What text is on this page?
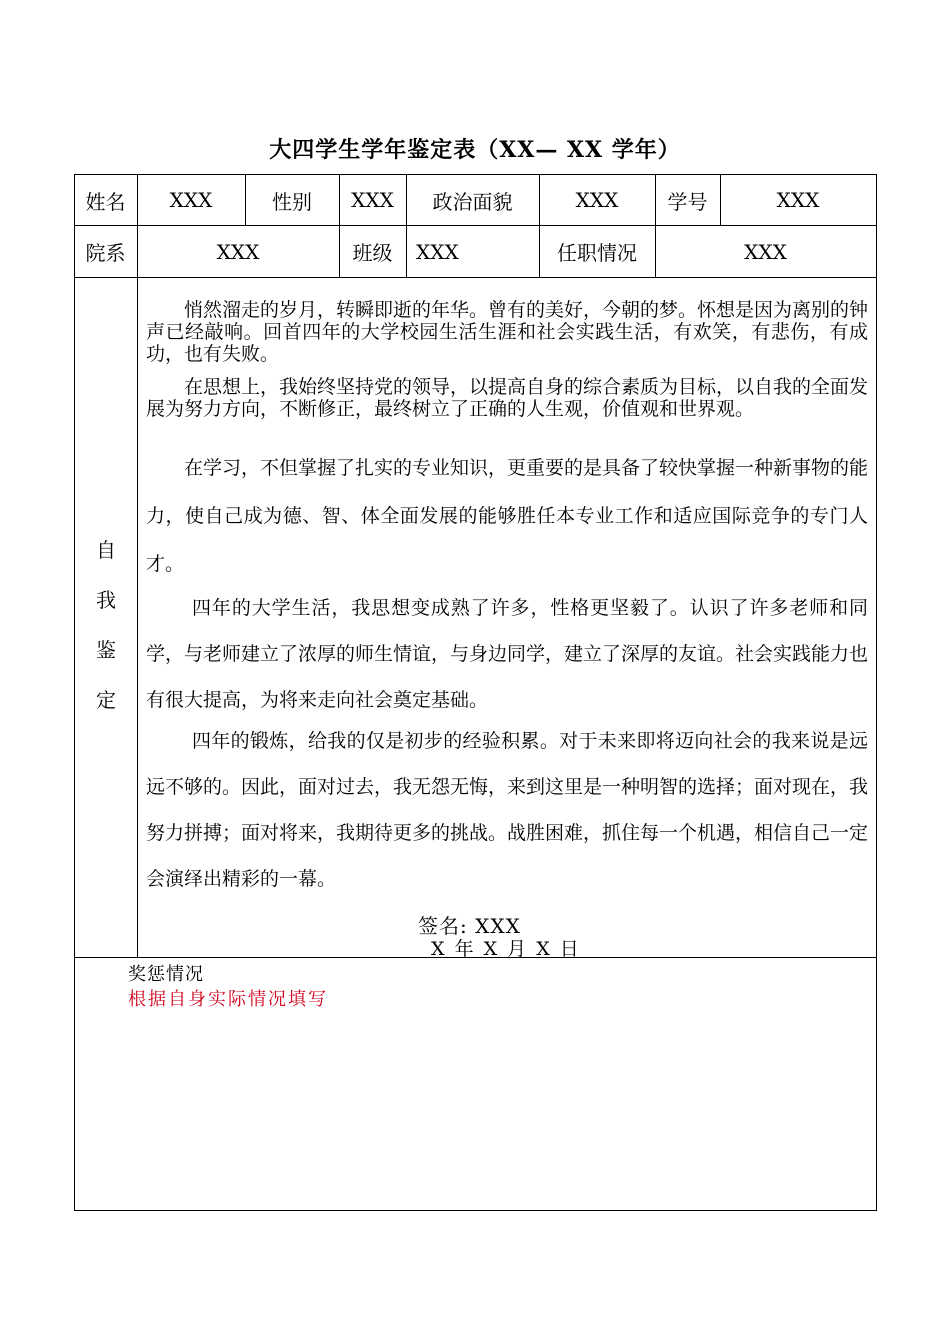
大四学生学年鉴定表（XX— XX 学年）
姓名	XXX	性别	XXX	政治面貌	XXX	学号	XXX
院系	XXX	班级	XXX	任职情况	XXX
自
我
鉴
定
悄然溜走的岁月，转瞬即逝的年华。曾有的美好，今朝的梦。怀想是因为离别的钟声已经敲响。回首四年的大学校园生活生涯和社会实践生活，有欢笑，有悲伤，有成功，也有失败。
在思想上，我始终坚持党的领导，以提高自身的综合素质为目标，以自我的全面发展为努力方向，不断修正，最终树立了正确的人生观，价值观和世界观。
在学习，不但掌握了扎实的专业知识，更重要的是具备了较快掌握一种新事物的能力，使自己成为德、智、体全面发展的能够胜任本专业工作和适应国际竞争的专门人才。
四年的大学生活，我思想变成熟了许多，性格更坚毅了。认识了许多老师和同学，与老师建立了浓厚的师生情谊，与身边同学，建立了深厚的友谊。社会实践能力也有很大提高，为将来走向社会奠定基础。
四年的锻炼，给我的仅是初步的经验积累。对于未来即将迈向社会的我来说是远远不够的。因此，面对过去，我无怨无悔，来到这里是一种明智的选择；面对现在，我努力拼搏；面对将来，我期待更多的挑战。战胜困难，抓住每一个机遇，相信自己一定会演绎出精彩的一幕。
签名: XXX
X 年 X 月 X 日
奖惩情况
根据自身实际情况填写
